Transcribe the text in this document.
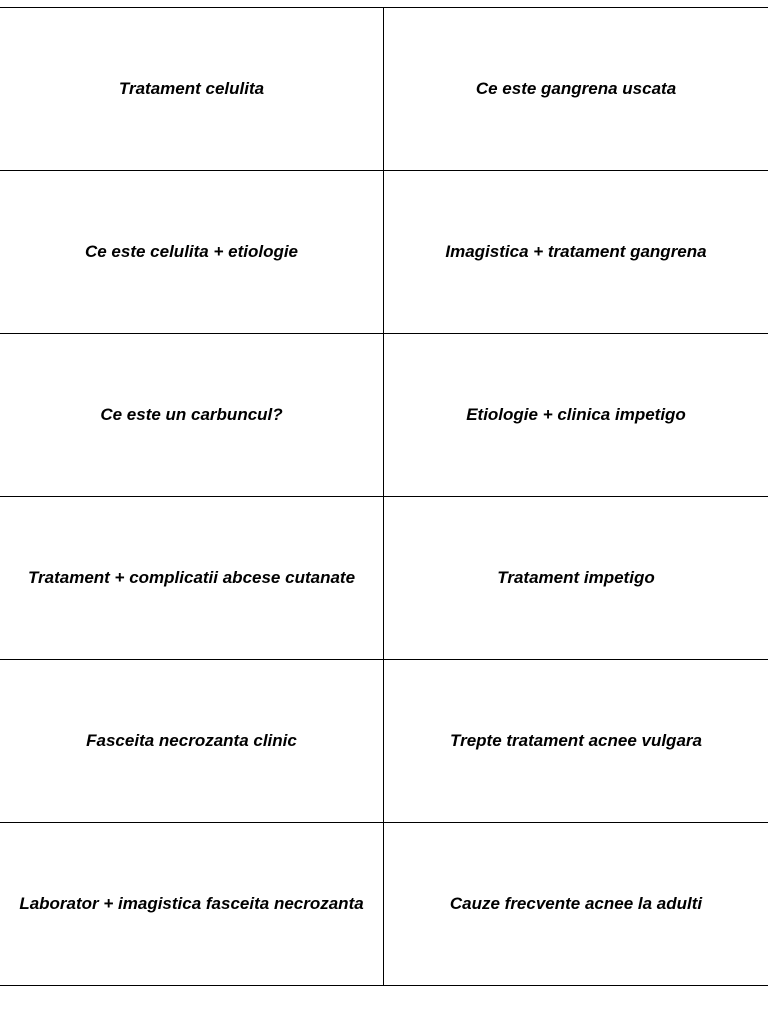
Tratament celulita	Ce este gangrena uscata
Ce este celulita + etiologie	Imagistica + tratament gangrena
Ce este un carbuncul?	Etiologie + clinica impetigo
Tratament + complicatii abcese cutanate	Tratament impetigo
Fasceita necrozanta clinic	Trepte tratament acnee vulgara
Laborator + imagistica fasceita necrozanta	Cauze frecvente acnee la adulti
